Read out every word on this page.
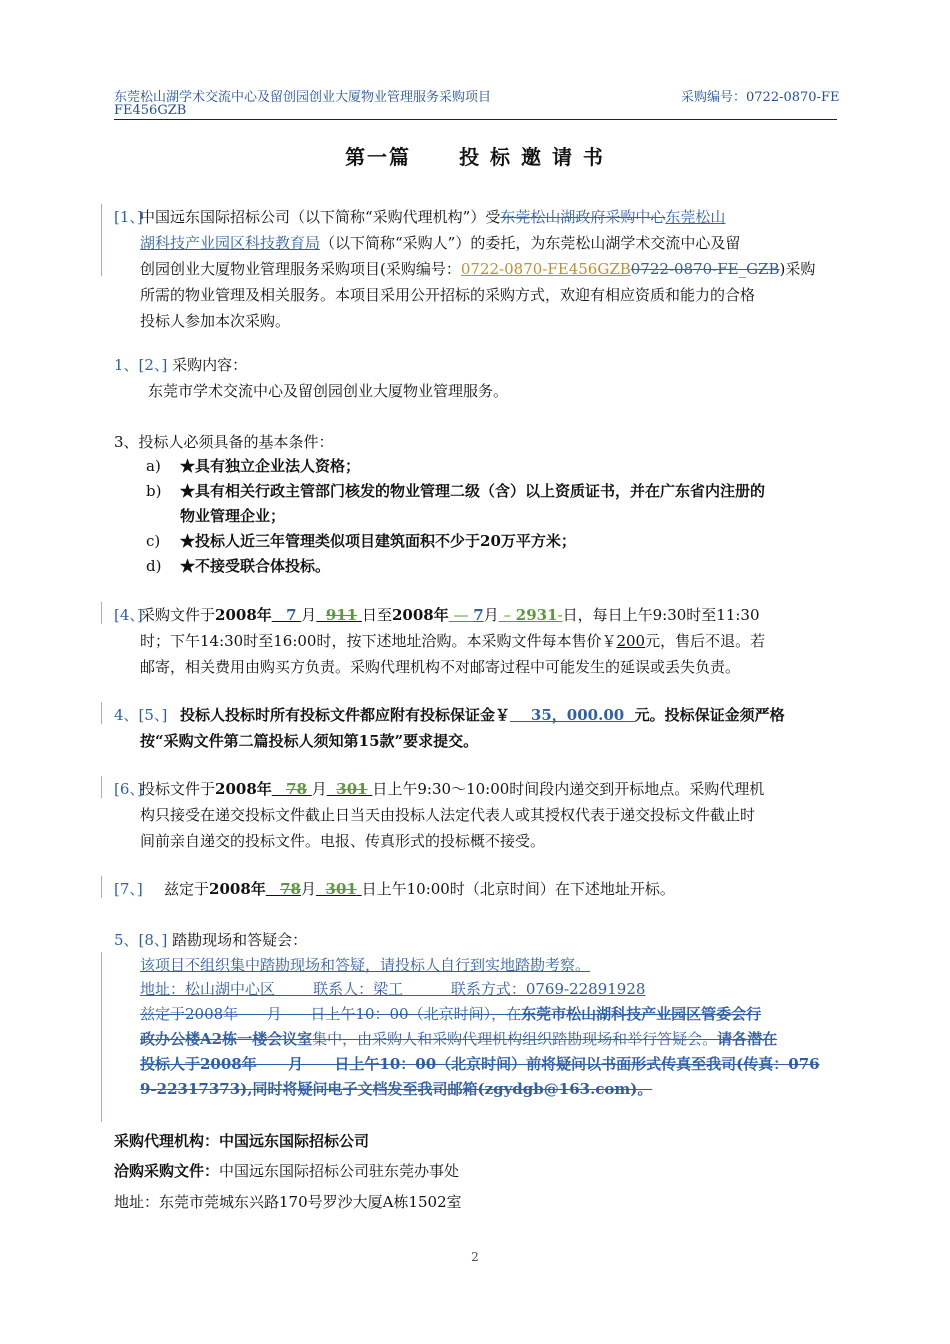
东莞松山湖学术交流中心及留创园创业大厦物业管理服务采购项目
FE456GZB
采购编号：0722-0870-FE
第一篇 投 标 邀 请 书
[1、]
中国远东国际招标公司（以下简称“采购代理机构”）受东莞松山湖政府采购中心东莞松山
湖科技产业园区科技教育局（以下简称“采购人”）的委托，为东莞松山湖学术交流中心及留
创园创业大厦物业管理服务采购项目(采购编号：0722-0870-FE456GZB0722-0870-FE_GZB)采购
所需的物业管理及相关服务。本项目采用公开招标的采购方式，欢迎有相应资质和能力的合格
投标人参加本次采购。
1、[2、] 采购内容：
东莞市学术交流中心及留创园创业大厦物业管理服务。
3、投标人必须具备的基本条件：
a) ★具有独立企业法人资格；
b) ★具有相关行政主管部门核发的物业管理二级（含）以上资质证书，并在广东省内注册的
物业管理企业；
c) ★投标人近三年管理类似项目建筑面积不少于20万平方米；
d) ★不接受联合体投标。
[4、]
采购文件于2008年 7 月 911 日至2008年 — 7月 – 2931-日，每日上午9:30时至11:30
时；下午14:30时至16:00时，按下述地址洽购。本采购文件每本售价￥200元，售后不退。若
邮寄，相关费用由购买方负责。采购代理机构不对邮寄过程中可能发生的延误或丢失负责。
4、[5、] 投标人投标时所有投标文件都应附有投标保证金￥ 35，000.00 元。投标保证金须严格
按“采购文件第二篇投标人须知第15款”要求提交。
[6、]
投标文件于2008年 78 月 301 日上午9:30～10:00时间段内递交到开标地点。采购代理机
构只接受在递交投标文件截止日当天由投标人法定代表人或其授权代表于递交投标文件截止时
间前亲自递交的投标文件。电报、传真形式的投标概不接受。
[7、] 兹定于2008年 78月 301 日上午10:00时（北京时间）在下述地址开标。
5、[8、] 踏勘现场和答疑会：
该项目不组织集中踏勘现场和答疑，请投标人自行到实地踏勘考察。
地址：松山湖中心区        联系人：梁工          联系方式：0769-22891928
兹定于2008年 月 日上午10：00（北京时间），在东莞市松山湖科技产业园区管委会行
政办公楼A2栋一楼会议室集中，由采购人和采购代理机构组织踏勘现场和举行答疑会。请各潜在
投标人于2008年      月      日上午10：00（北京时间）前将疑问以书面形式传真至我司(传真：076
9-22317373),同时将疑问电子文档发至我司邮箱(zgydgb@163.com)。
采购代理机构：中国远东国际招标公司
洽购采购文件：中国远东国际招标公司驻东莞办事处
地址：东莞市莞城东兴路170号罗沙大厦A栋1502室
2
